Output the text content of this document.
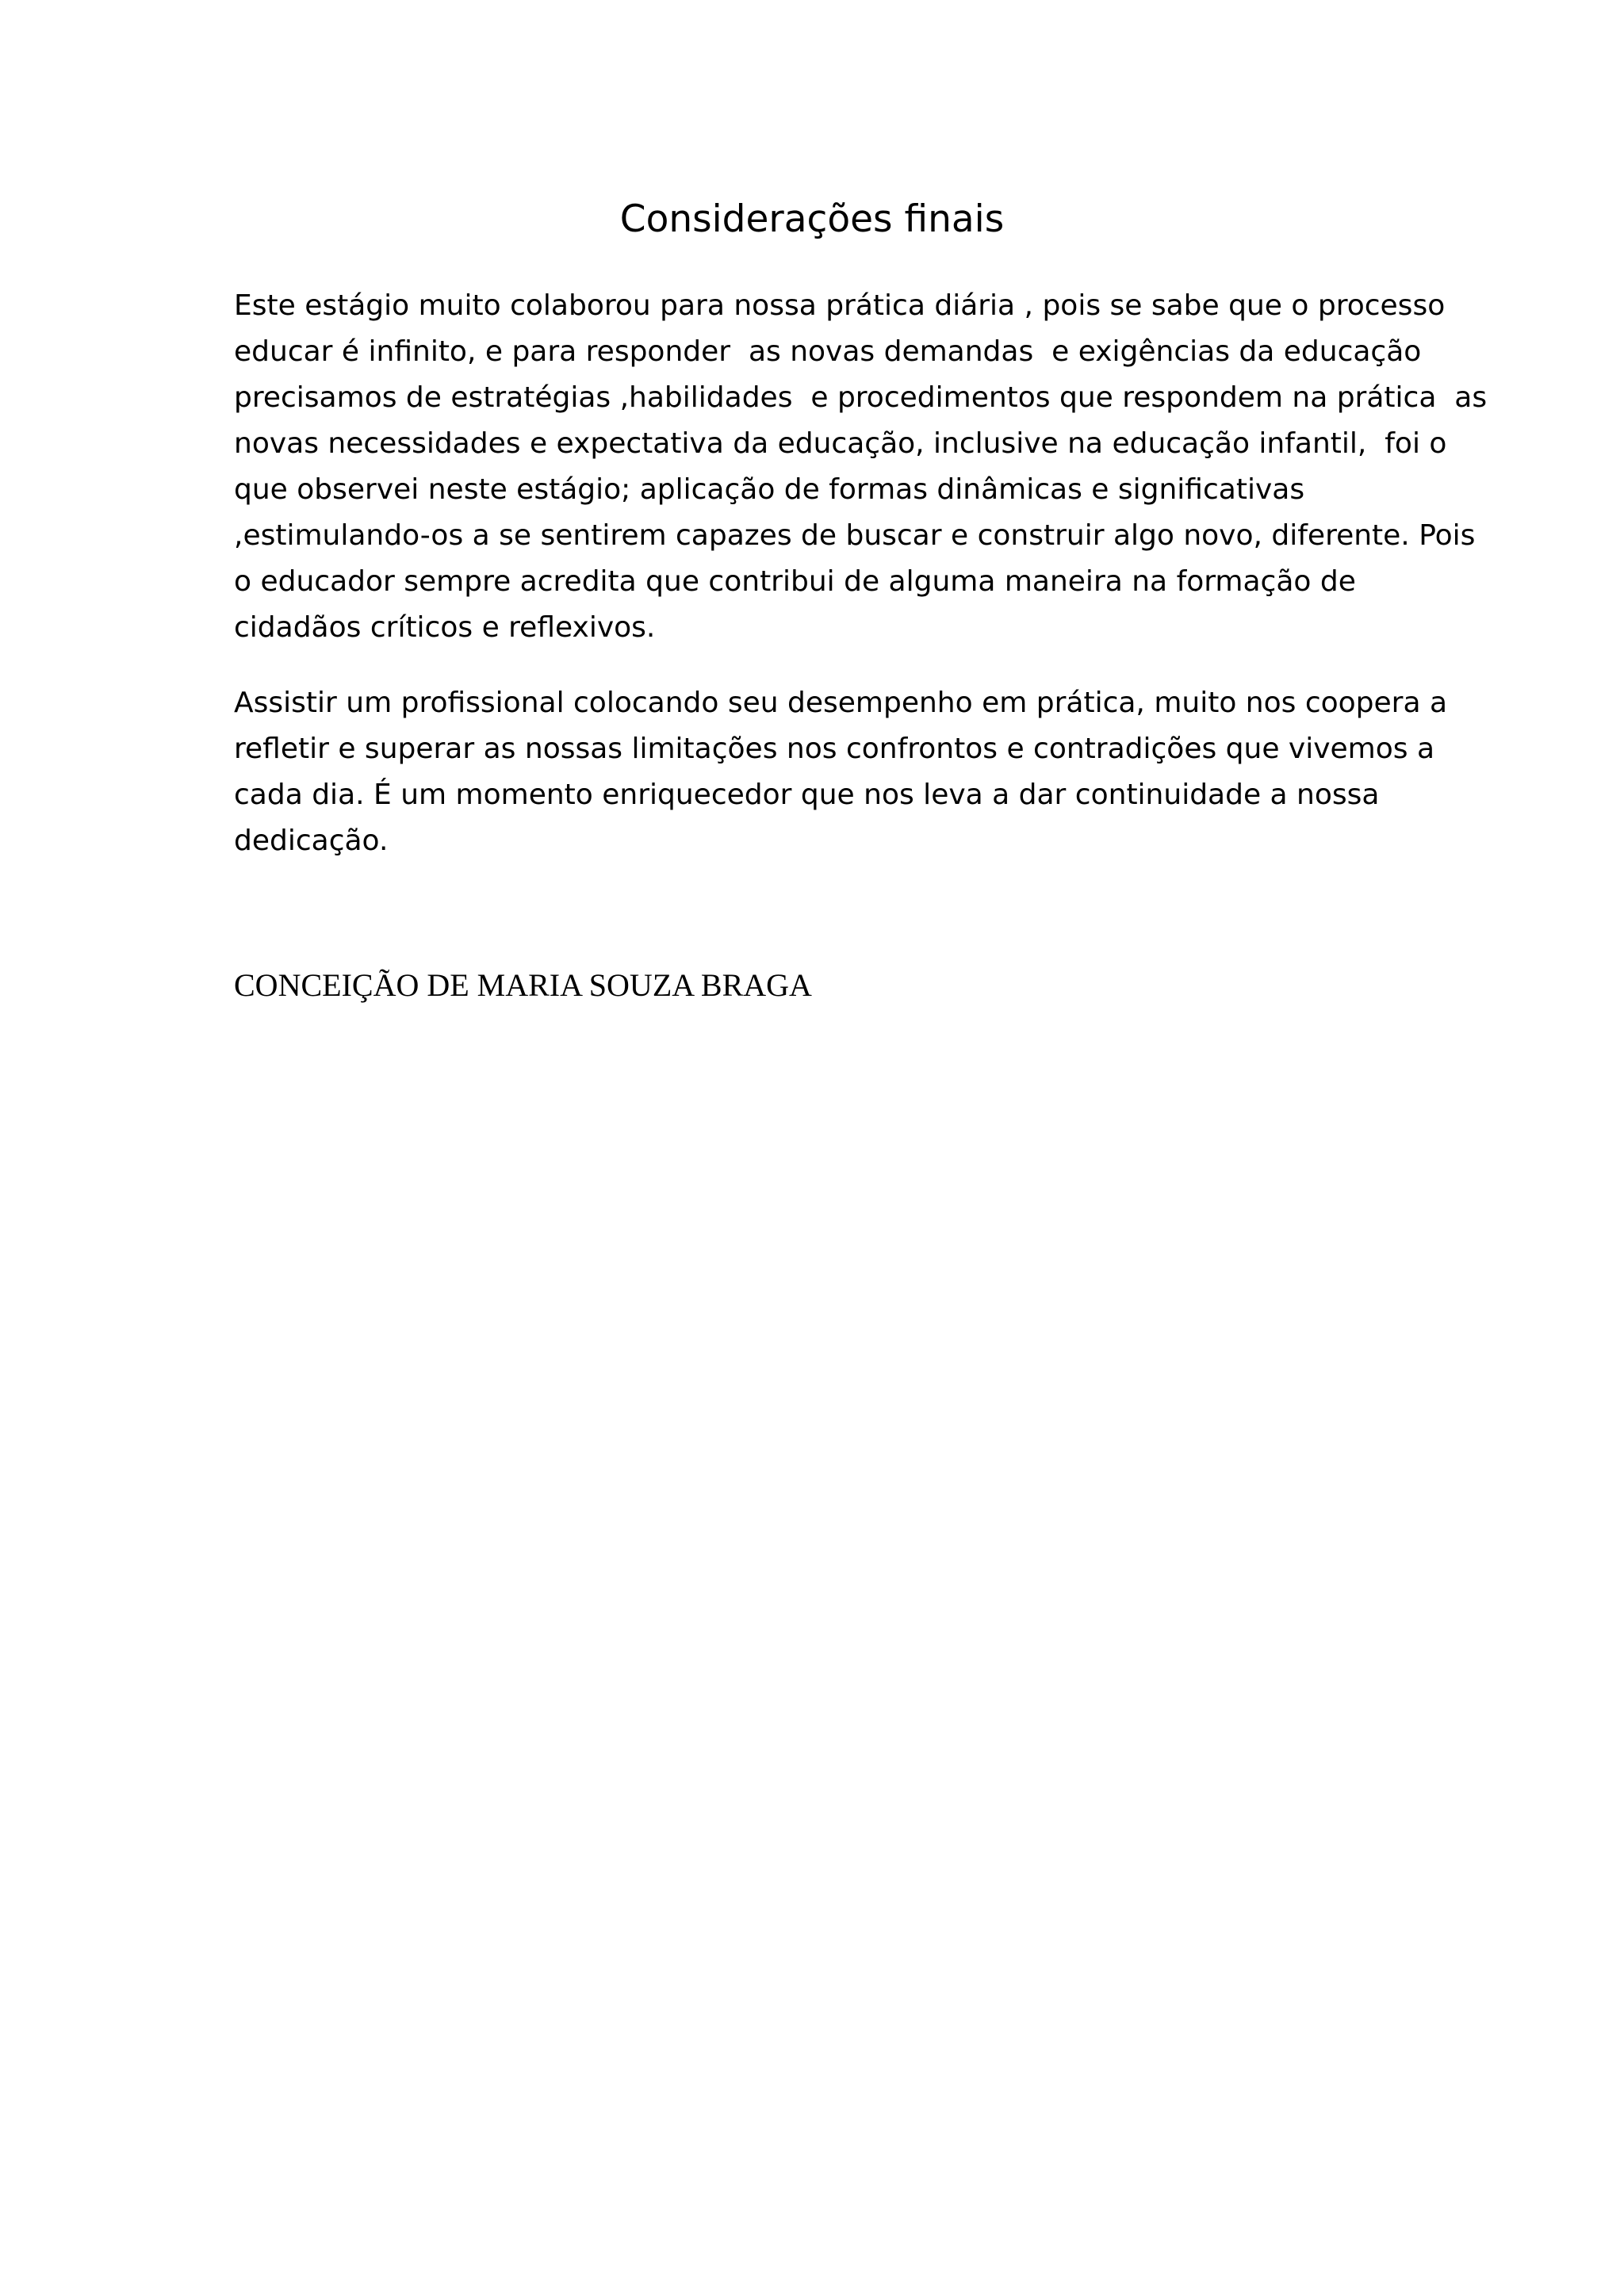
Considerações finais
Este estágio muito colaborou para nossa prática diária , pois se sabe que o processo
educar é infinito, e para responder  as novas demandas  e exigências da educação
precisamos de estratégias ,habilidades  e procedimentos que respondem na prática  as
novas necessidades e expectativa da educação, inclusive na educação infantil,  foi o
que observei neste estágio; aplicação de formas dinâmicas e significativas
,estimulando-os a se sentirem capazes de buscar e construir algo novo, diferente. Pois
o educador sempre acredita que contribui de alguma maneira na formação de
cidadãos críticos e reflexivos.
Assistir um profissional colocando seu desempenho em prática, muito nos coopera a
refletir e superar as nossas limitações nos confrontos e contradições que vivemos a
cada dia. É um momento enriquecedor que nos leva a dar continuidade a nossa
dedicação.

CONCEIÇÃO DE MARIA SOUZA BRAGA
